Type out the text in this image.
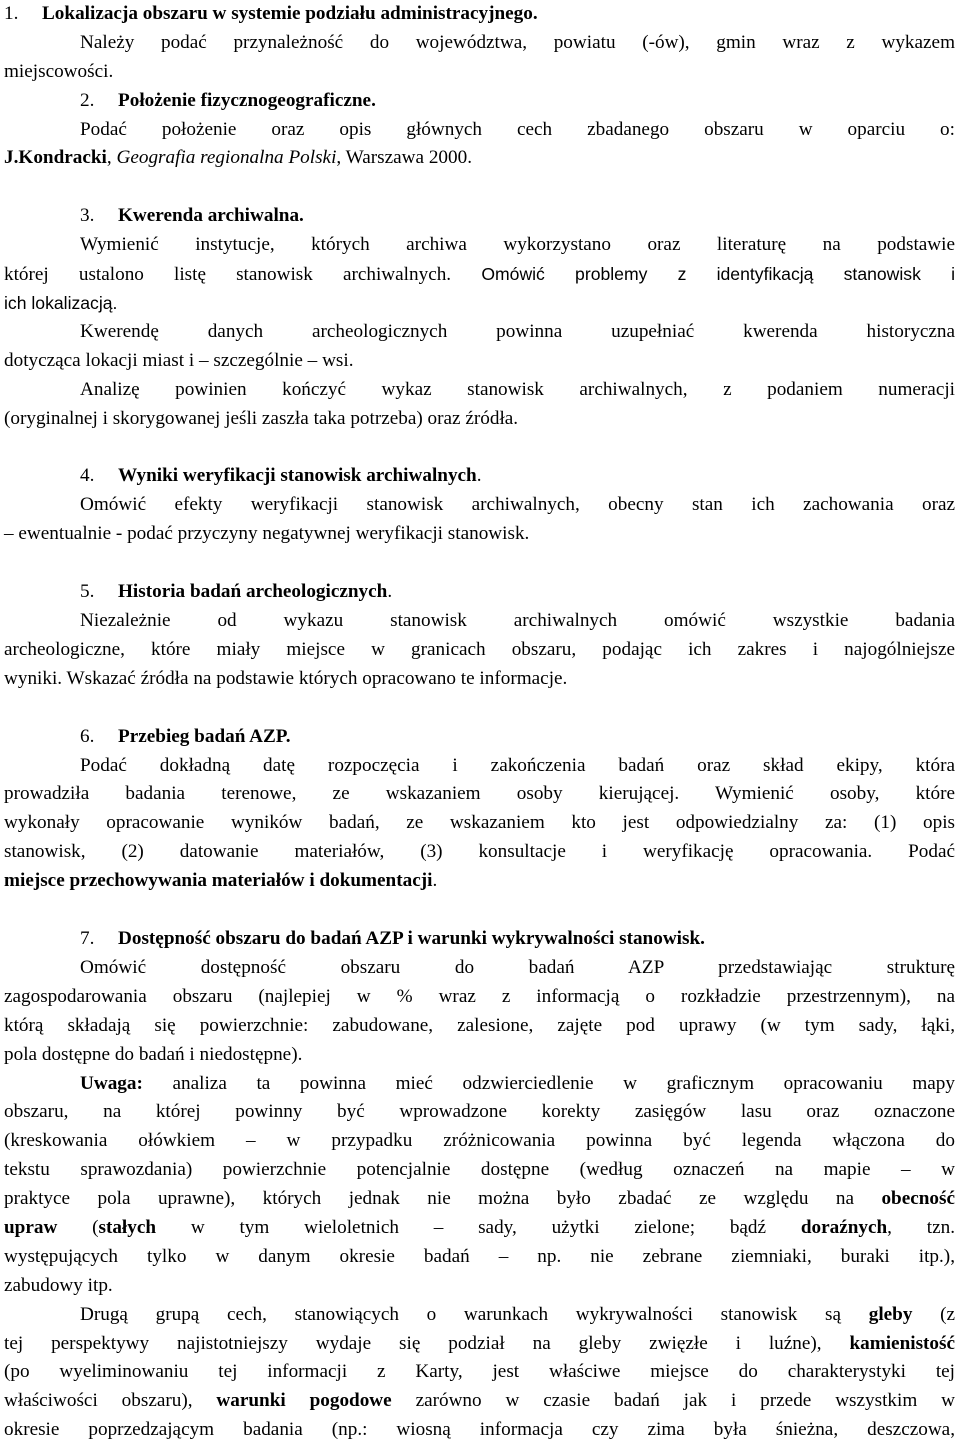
1. Lokalizacja obszaru w systemie podziału administracyjnego.
Należy podać przynależność do województwa, powiatu (-ów), gmin wraz z wykazem
miejscowości.
2. Położenie fizycznogeograficzne.
Podać położenie oraz opis głównych cech zbadanego obszaru w oparciu o:
J.Kondracki, Geografia regionalna Polski, Warszawa 2000.
3. Kwerenda archiwalna.
Wymienić instytucje, których archiwa wykorzystano oraz literaturę na podstawie
której ustalono listę stanowisk archiwalnych. Omówić problemy z identyfikacją stanowisk i
ich lokalizacją.
Kwerendę danych archeologicznych powinna uzupełniać kwerenda historyczna
dotycząca lokacji miast i – szczególnie – wsi.
Analizę powinien kończyć wykaz stanowisk archiwalnych, z podaniem numeracji
(oryginalnej i skorygowanej jeśli zaszła taka potrzeba) oraz źródła.
4. Wyniki weryfikacji stanowisk archiwalnych.
Omówić efekty weryfikacji stanowisk archiwalnych, obecny stan ich zachowania oraz
– ewentualnie - podać przyczyny negatywnej weryfikacji stanowisk.
5. Historia badań archeologicznych.
Niezależnie od wykazu stanowisk archiwalnych omówić wszystkie badania
archeologiczne, które miały miejsce w granicach obszaru, podając ich zakres i najogólniejsze
wyniki. Wskazać źródła na podstawie których opracowano te informacje.
6. Przebieg badań AZP.
Podać dokładną datę rozpoczęcia i zakończenia badań oraz skład ekipy, która
prowadziła badania terenowe, ze wskazaniem osoby kierującej. Wymienić osoby, które
wykonały opracowanie wyników badań, ze wskazaniem kto jest odpowiedzialny za: (1) opis
stanowisk, (2) datowanie materiałów, (3) konsultacje i weryfikację opracowania. Podać
miejsce przechowywania materiałów i dokumentacji.
7. Dostępność obszaru do badań AZP i warunki wykrywalności stanowisk.
Omówić dostępność obszaru do badań AZP przedstawiając strukturę
zagospodarowania obszaru (najlepiej w % wraz z informacją o rozkładzie przestrzennym), na
którą składają się powierzchnie: zabudowane, zalesione, zajęte pod uprawy (w tym sady, łąki,
pola dostępne do badań i niedostępne).
Uwaga: analiza ta powinna mieć odzwierciedlenie w graficznym opracowaniu mapy
obszaru, na której powinny być wprowadzone korekty zasięgów lasu oraz oznaczone
(kreskowania ołówkiem – w przypadku zróżnicowania powinna być legenda włączona do
tekstu sprawozdania) powierzchnie potencjalnie dostępne (według oznaczeń na mapie – w
praktyce pola uprawne), których jednak nie można było zbadać ze względu na obecność
upraw (stałych w tym wieloletnich – sady, użytki zielone; bądź doraźnych, tzn.
występujących tylko w danym okresie badań – np. nie zebrane ziemniaki, buraki itp.),
zabudowy itp.
Drugą grupą cech, stanowiących o warunkach wykrywalności stanowisk są gleby (z
tej perspektywy najistotniejszy wydaje się podział na gleby zwięzłe i luźne), kamienistość
(po wyeliminowaniu tej informacji z Karty, jest właściwe miejsce do charakterystyki tej
właściwości obszaru), warunki pogodowe zarówno w czasie badań jak i przede wszystkim w
okresie poprzedzającym badania (np.: wiosną informacja czy zima była śnieżna, deszczowa,
